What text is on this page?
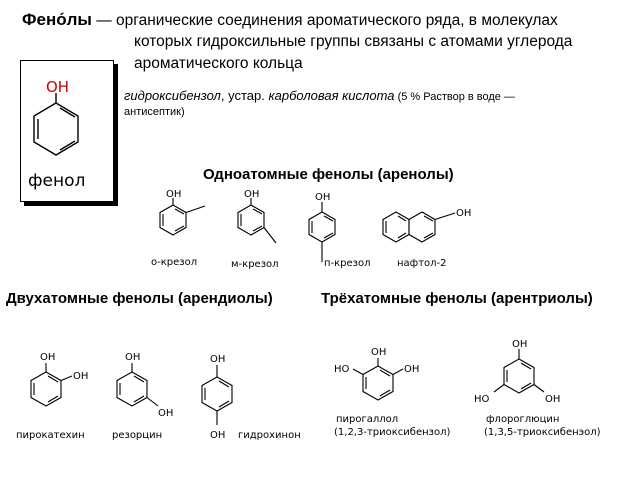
Фено́лы — органические соединения ароматического ряда, в молекулах
которых гидроксильные группы связаны с атомами углерода
ароматического кольца
гидроксибензол, устар. карболовая кислота (5 % Раствор в воде —
антисептик)
Одноатомные фенолы (аренолы)
Двухатомные фенолы (арендиолы)	Трёхатомные фенолы (арентриолы)
OH
OH	OH	OH
OH
OH
OH
OH
OH
OH
OH
OH
HO	OH
OH
HO	OH
фенол
о-крезол	м-крезол	п-крезол	нафтол-2
пирокатехин	резорцин	гидрохинон
пирогаллол
(1,2,3-триоксибензол)
флороглюцин
(1,3,5-триоксибенэол)
